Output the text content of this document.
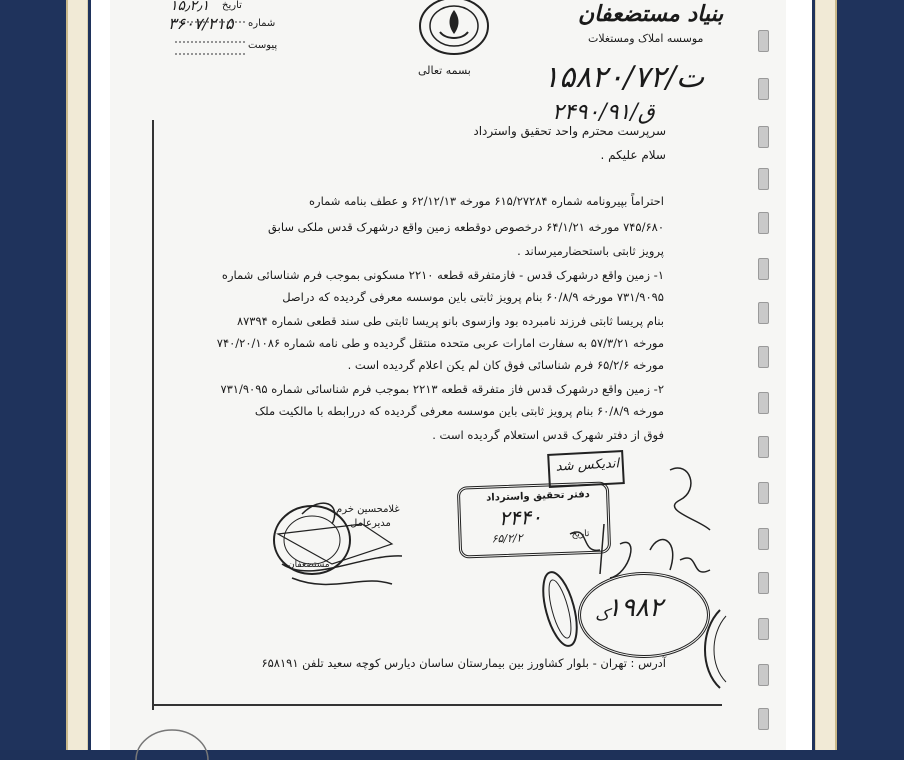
تاریخ
۱۵٫۲٫۱
شماره
۳۶۰۷/۲۱۵
پیوست
بسمه تعالی
بنیاد مستضعفان
موسسه املاک ومستغلات
۱۵۸۲۰/ت/۷۲
۲۴۹۰/ق/۹۱
سرپرست محترم واحد تحقیق واسترداد
سلام علیکم .
احتراماً بپیرونامه شماره ۶۱۵/۲۷۲۸۴ مورخه ۶۲/۱۲/۱۳ و عطف بنامه شماره
۷۴۵/۶۸۰ مورخه ۶۴/۱/۲۱ درخصوص دوقطعه زمین واقع درشهرک قدس ملکی سابق
پرویز ثابتی باستحضارمیرساند .
۱- زمین واقع درشهرک قدس - فازمتفرقه قطعه ۲۲۱۰ مسکونی بموجب فرم شناسائی شماره
۷۳۱/۹۰۹۵ مورخه ۶۰/۸/۹ بنام پرویز ثابتی باین موسسه معرفی گردیده که دراصل
بنام پریسا ثابتی فرزند نامبرده بود وازسوی بانو پریسا ثابتی طی سند قطعی شماره ۸۷۳۹۴
مورخه ۵۷/۳/۲۱ به سفارت امارات عربی متحده منتقل گردیده و طی نامه شماره ۷۴۰/۲۰/۱۰۸۶
مورخه ۶۵/۲/۶ فرم شناسائی فوق کان لم یکن اعلام گردیده است .
۲- زمین واقع درشهرک قدس فاز متفرقه قطعه ۲۲۱۳ بموجب فرم شناسائی شماره ۷۳۱/۹۰۹۵
مورخه ۶۰/۸/۹ بنام پرویز ثابتی باین موسسه معرفی گردیده که دررابطه با مالکیت ملک
فوق از دفتر شهرک قدس استعلام گردیده است .
اندیکس شد
دفتر تحقیق واسترداد
۲۴۴۰
۶۵/۲/۲	تاریخ
غلامحسین خرم
مدیرعامل
مستضعفان
۱۹۸۲
ک
آدرس : تهران - بلوار کشاورز بین بیمارستان ساسان دیارس کوچه سعید تلفن ۶۵۸۱۹۱
